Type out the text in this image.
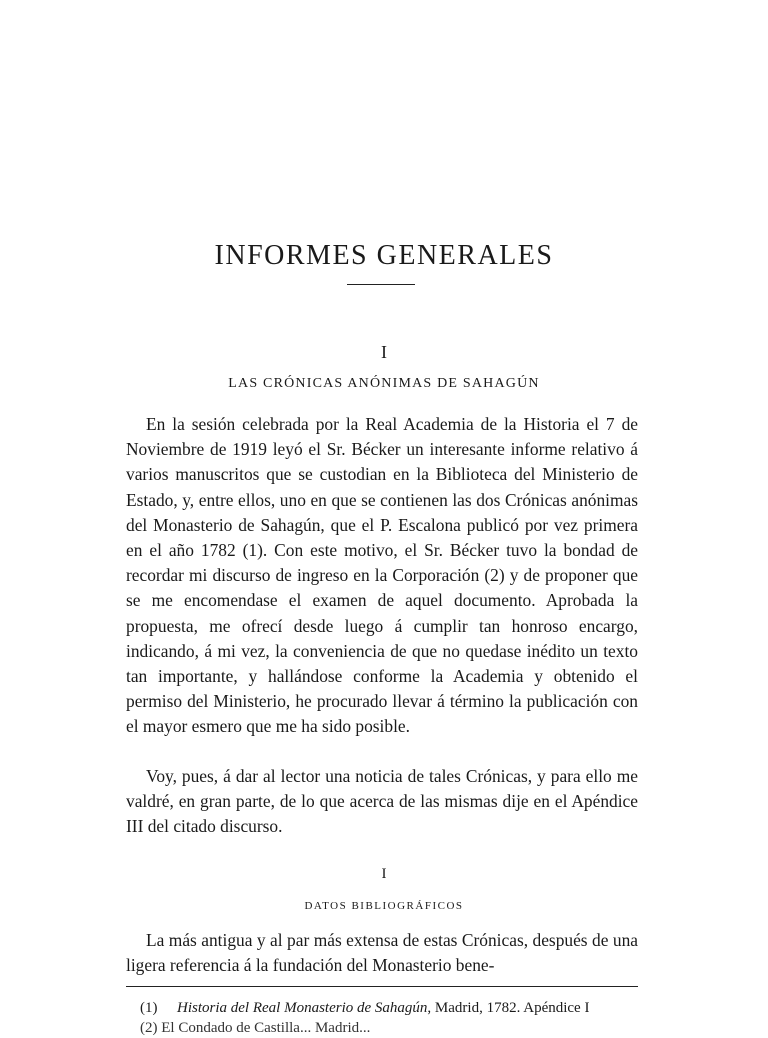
INFORMES GENERALES
I
LAS CRÓNICAS ANÓNIMAS DE SAHAGÚN

En la sesión celebrada por la Real Academia de la Historia el 7 de Noviembre de 1919 leyó el Sr. Bécker un interesante informe relativo á varios manuscritos que se custodian en la Biblioteca del Ministerio de Estado, y, entre ellos, uno en que se contienen las dos Crónicas anónimas del Monasterio de Sahagún, que el P. Escalona publicó por vez primera en el año 1782 (1). Con este motivo, el Sr. Bécker tuvo la bondad de recordar mi discurso de ingreso en la Corporación (2) y de proponer que se me encomendase el examen de aquel documento. Aprobada la propuesta, me ofrecí desde luego á cumplir tan honroso encargo, indicando, á mi vez, la conveniencia de que no quedase inédito un texto tan importante, y hallándose conforme la Academia y obtenido el permiso del Ministerio, he procurado llevar á término la publicación con el mayor esmero que me ha sido posible.

Voy, pues, á dar al lector una noticia de tales Crónicas, y para ello me valdré, en gran parte, de lo que acerca de las mismas dije en el Apéndice III del citado discurso.

I
DATOS BIBLIOGRÁFICOS

La más antigua y al par más extensa de estas Crónicas, después de una ligera referencia á la fundación del Monasterio bene-

(1) Historia del Real Monasterio de Sahagún, Madrid, 1782. Apéndice I
(2) El Condado de Castilla... Madrid...
